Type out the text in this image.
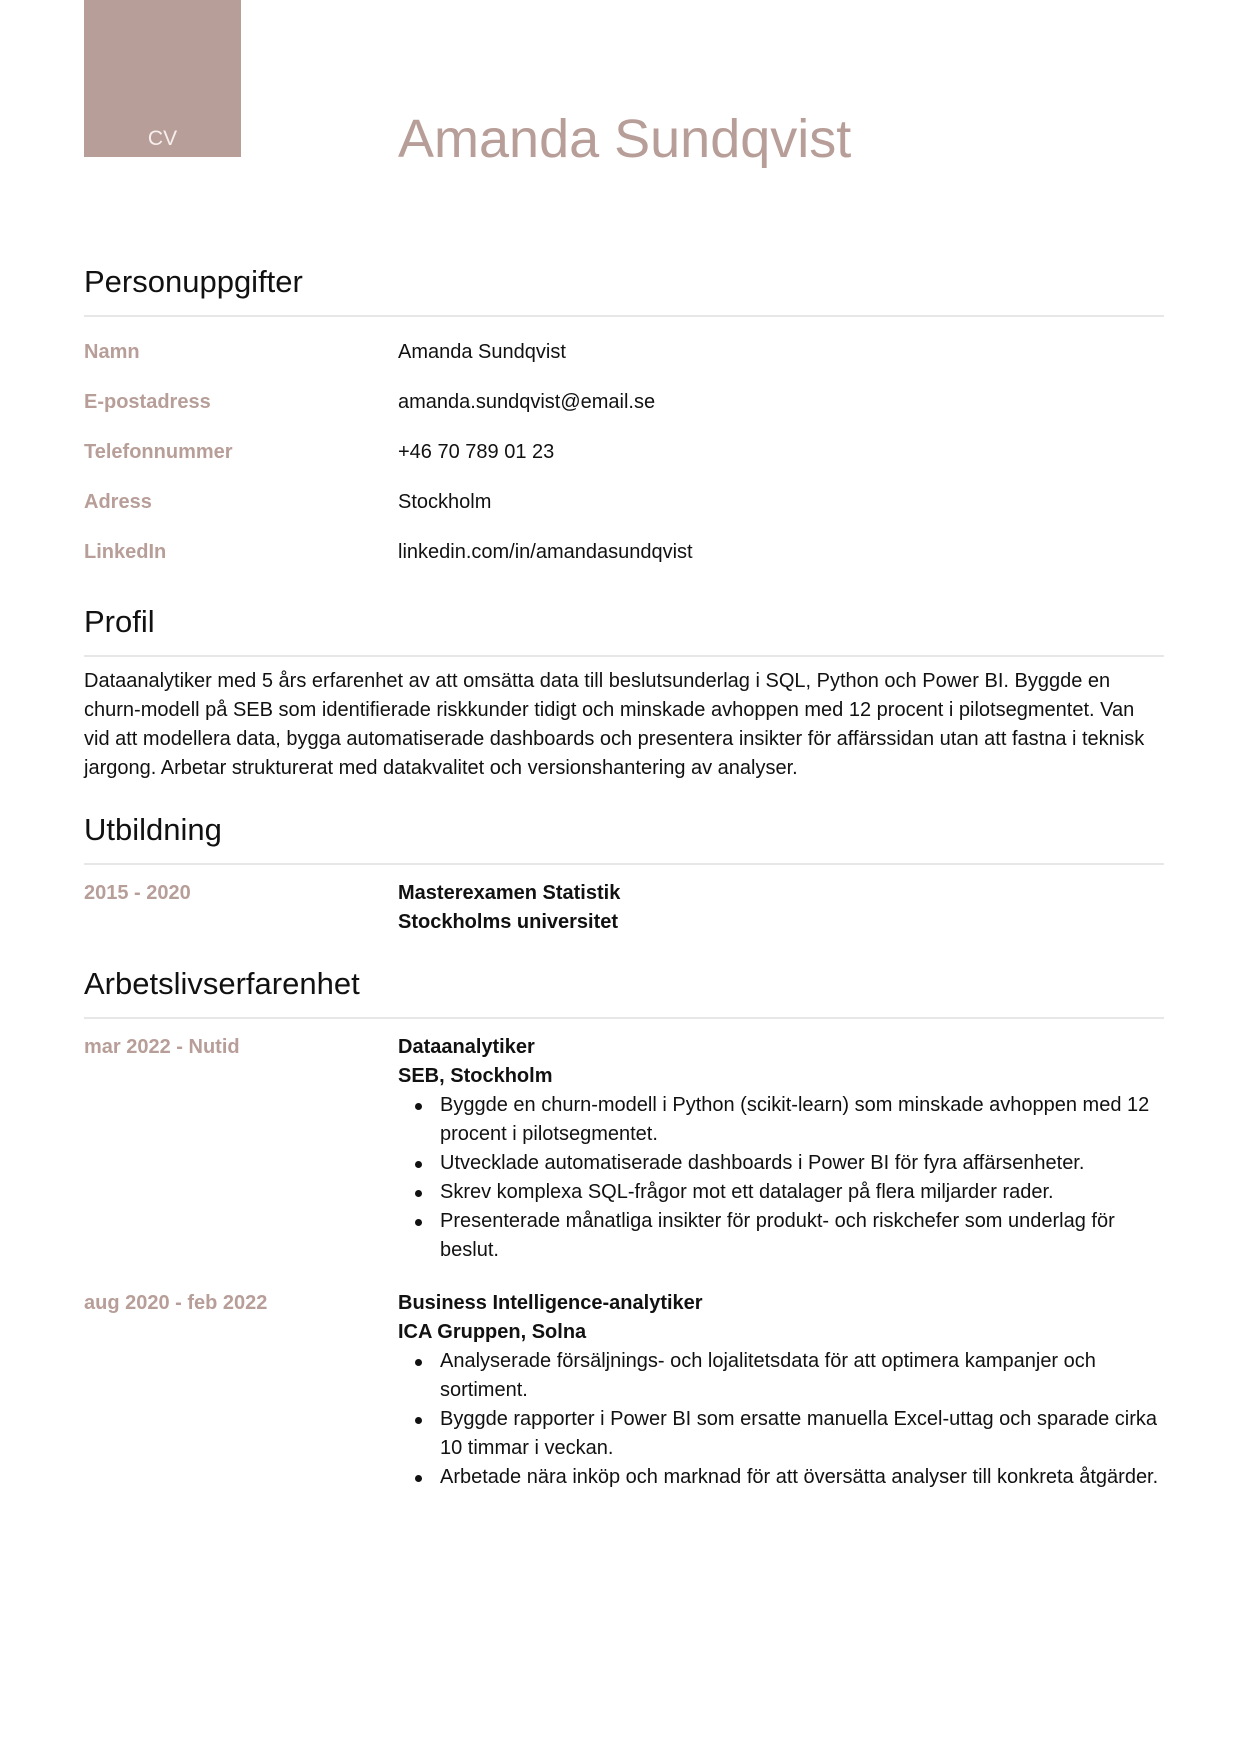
CV	Amanda Sundqvist
Personuppgifter
Namn	Amanda Sundqvist
E-postadress	amanda.sundqvist@email.se
Telefonnummer	+46 70 789 01 23
Adress	Stockholm
LinkedIn	linkedin.com/in/amandasundqvist
Profil

Dataanalytiker med 5 års erfarenhet av att omsätta data till beslutsunderlag i SQL, Python och Power BI. Byggde en churn-modell på SEB som identifierade riskkunder tidigt och minskade avhoppen med 12 procent i pilotsegmentet. Van vid att modellera data, bygga automatiserade dashboards och presentera insikter för affärssidan utan att fastna i teknisk jargong. Arbetar strukturerat med datakvalitet och versionshantering av analyser.

Utbildning
2015 - 2020	Masterexamen Statistik
Stockholms universitet
Arbetslivserfarenhet
mar 2022 - Nutid	Dataanalytiker
SEB, Stockholm
Byggde en churn-modell i Python (scikit-learn) som minskade avhoppen med 12 procent i pilotsegmentet.
Utvecklade automatiserade dashboards i Power BI för fyra affärsenheter.
Skrev komplexa SQL-frågor mot ett datalager på flera miljarder rader.
Presenterade månatliga insikter för produkt- och riskchefer som underlag för beslut.
aug 2020 - feb 2022	Business Intelligence-analytiker
ICA Gruppen, Solna
Analyserade försäljnings- och lojalitetsdata för att optimera kampanjer och sortiment.
Byggde rapporter i Power BI som ersatte manuella Excel-uttag och sparade cirka 10 timmar i veckan.
Arbetade nära inköp och marknad för att översätta analyser till konkreta åtgärder.
